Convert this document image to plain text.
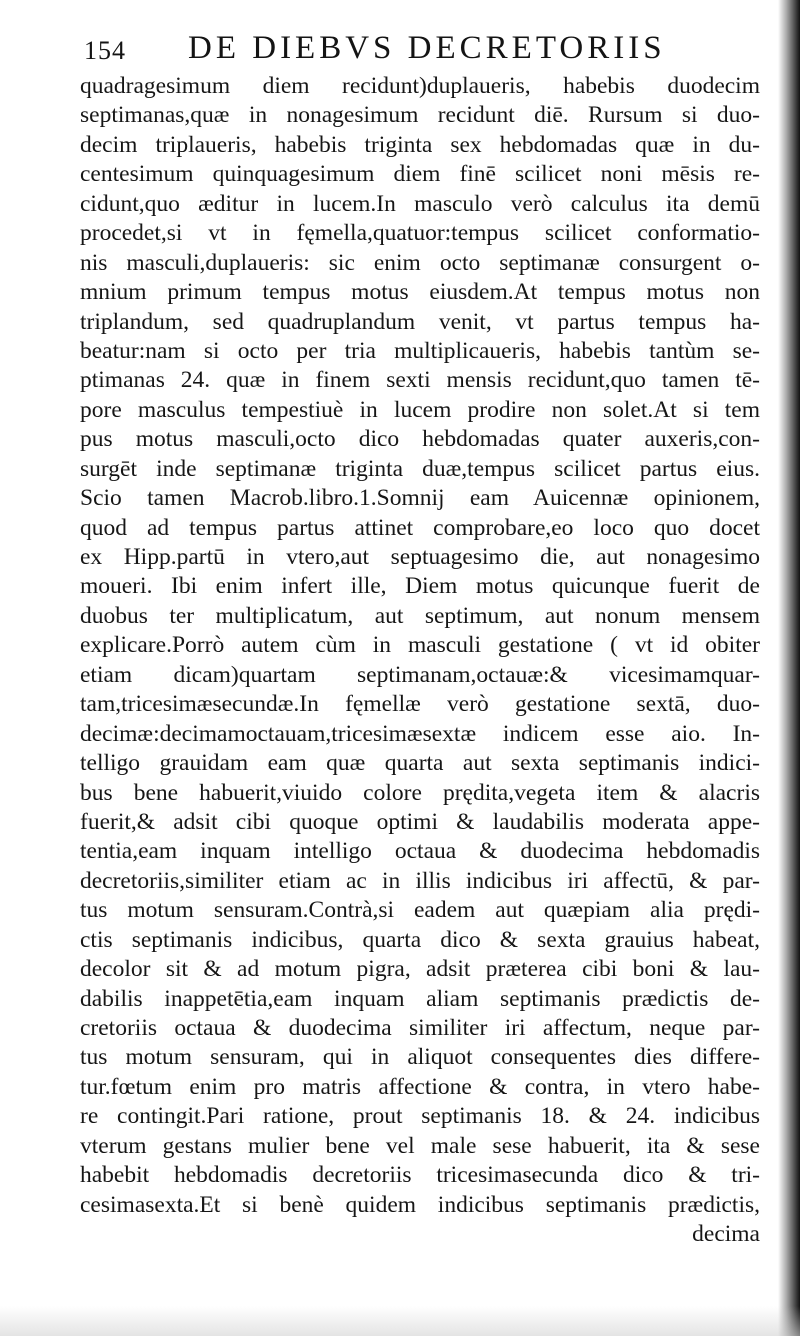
154 DE DIEBVS DECRETORIIS
quadragesimum diem recidunt)duplaueris, habebis duodecim
septimanas,quæ in nonagesimum recidunt diē. Rursum si duo-
decim triplaueris, habebis triginta sex hebdomadas quæ in du-
centesimum quinquagesimum diem finē scilicet noni mēsis re-
cidunt,quo æditur in lucem.In masculo verò calculus ita demū
procedet,si vt in fęmella,quatuor:tempus scilicet conformatio-
nis masculi,duplaueris: sic enim octo septimanæ consurgent o-
mnium primum tempus motus eiusdem.At tempus motus non
triplandum, sed quadruplandum venit, vt partus tempus ha-
beatur:nam si octo per tria multiplicaueris, habebis tantùm se-
ptimanas 24. quæ in finem sexti mensis recidunt,quo tamen tē-
pore masculus tempestiuè in lucem prodire non solet.At si tem
pus motus masculi,octo dico hebdomadas quater auxeris,con-
surgēt inde septimanæ triginta duæ,tempus scilicet partus eius.
Scio tamen Macrob.libro.1.Somnij eam Auicennæ opinionem,
quod ad tempus partus attinet comprobare,eo loco quo docet
ex Hipp.partū in vtero,aut septuagesimo die, aut nonagesimo
moueri. Ibi enim infert ille, Diem motus quicunque fuerit de
duobus ter multiplicatum, aut septimum, aut nonum mensem
explicare.Porrò autem cùm in masculi gestatione ( vt id obiter
etiam dicam)quartam septimanam,octauæ:& vicesimamquar-
tam,tricesimæsecundæ.In fęmellæ verò gestatione sextā, duo-
decimæ:decimamoctauam,tricesimæsextæ indicem esse aio. In-
telligo grauidam eam quæ quarta aut sexta septimanis indici-
bus bene habuerit,viuido colore prędita,vegeta item & alacris
fuerit,& adsit cibi quoque optimi & laudabilis moderata appe-
tentia,eam inquam intelligo octaua & duodecima hebdomadis
decretoriis,similiter etiam ac in illis indicibus iri affectū, & par-
tus motum sensuram.Contrà,si eadem aut quæpiam alia prędi-
ctis septimanis indicibus, quarta dico & sexta grauius habeat,
decolor sit & ad motum pigra, adsit præterea cibi boni & lau-
dabilis inappetētia,eam inquam aliam septimanis prædictis de-
cretoriis octaua & duodecima similiter iri affectum, neque par-
tus motum sensuram, qui in aliquot consequentes dies differe-
tur.fœtum enim pro matris affectione & contra, in vtero habe-
re contingit.Pari ratione, prout septimanis 18. & 24. indicibus
vterum gestans mulier bene vel male sese habuerit, ita & sese
habebit hebdomadis decretoriis tricesimasecunda dico & tri-
cesimasexta.Et si benè quidem indicibus septimanis prædictis,
decima
